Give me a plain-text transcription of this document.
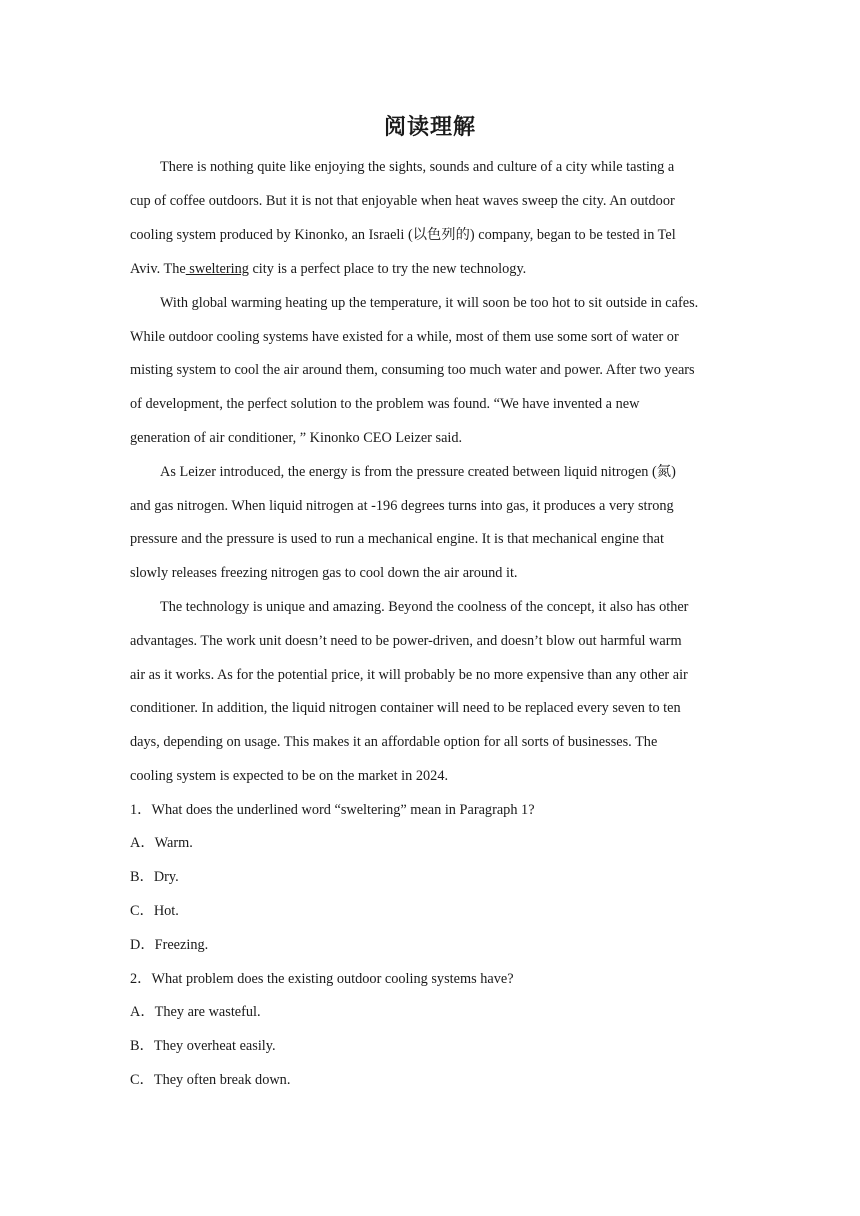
阅读理解
There is nothing quite like enjoying the sights, sounds and culture of a city while tasting a
cup of coffee outdoors. But it is not that enjoyable when heat waves sweep the city. An outdoor
cooling system produced by Kinonko, an Israeli (以色列的) company, began to be tested in Tel
Aviv. The sweltering city is a perfect place to try the new technology.
With global warming heating up the temperature, it will soon be too hot to sit outside in cafes.
While outdoor cooling systems have existed for a while, most of them use some sort of water or
misting system to cool the air around them, consuming too much water and power. After two years
of development, the perfect solution to the problem was found. “We have invented a new
generation of air conditioner, ” Kinonko CEO Leizer said.
As Leizer introduced, the energy is from the pressure created between liquid nitrogen (氮)
and gas nitrogen. When liquid nitrogen at -196 degrees turns into gas, it produces a very strong
pressure and the pressure is used to run a mechanical engine. It is that mechanical engine that
slowly releases freezing nitrogen gas to cool down the air around it.
The technology is unique and amazing. Beyond the coolness of the concept, it also has other
advantages. The work unit doesn’t need to be power-driven, and doesn’t blow out harmful warm
air as it works. As for the potential price, it will probably be no more expensive than any other air
conditioner. In addition, the liquid nitrogen container will need to be replaced every seven to ten
days, depending on usage. This makes it an affordable option for all sorts of businesses. The
cooling system is expected to be on the market in 2024.
1．What does the underlined word “sweltering” mean in Paragraph 1?
A．Warm.
B．Dry.
C．Hot.
D．Freezing.
2．What problem does the existing outdoor cooling systems have?
A．They are wasteful.
B．They overheat easily.
C．They often break down.
